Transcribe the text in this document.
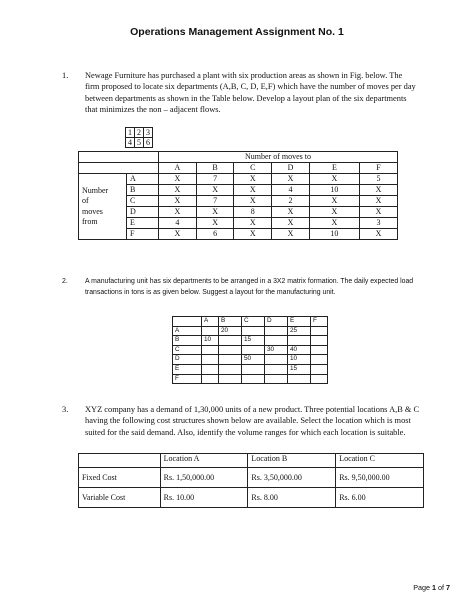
Operations Management Assignment No. 1
1. Newage Furniture has purchased a plant with six production areas as shown in Fig. below. The firm proposed to locate six departments (A,B, C, D, E,F) which have the number of moves per day between departments as shown in the Table below. Develop a layout plan of the six departments that minimizes the non – adjacent flows.
1	2	3
4	5	6
		Number of moves to					
		A	B	C	D	E	F

Number
of
moves
from	A	X	7	X	X	X	5
	B	X	X	X	4	10	X
	C	X	7	X	2	X	X
	D	X	X	8	X	X	X
	E	4	X	X	X	X	3
	F	X	6	X	X	10	X
2.	A manufacturing unit has six departments to be arranged in a 3X2 matrix formation. The daily expected load transactions in tons is as given below. Suggest a layout for the manufacturing unit.
	A	B	C	D	E	F
A		20			25	
B	10		15			
C				30	40	
D			50		10	
E					15	
F						
3. XYZ company has a demand of 1,30,000 units of a new product. Three potential locations A,B & C having the following cost structures shown below are available. Select the location which is most suited for the said demand. Also, identify the volume ranges for which each location is suitable.
	Location A	Location B	Location C
Fixed Cost	Rs. 1,50,000.00	Rs. 3,50,000.00	Rs. 9,50,000.00
Variable Cost	Rs. 10.00	Rs. 8.00	Rs. 6.00
Page 1 of 7
